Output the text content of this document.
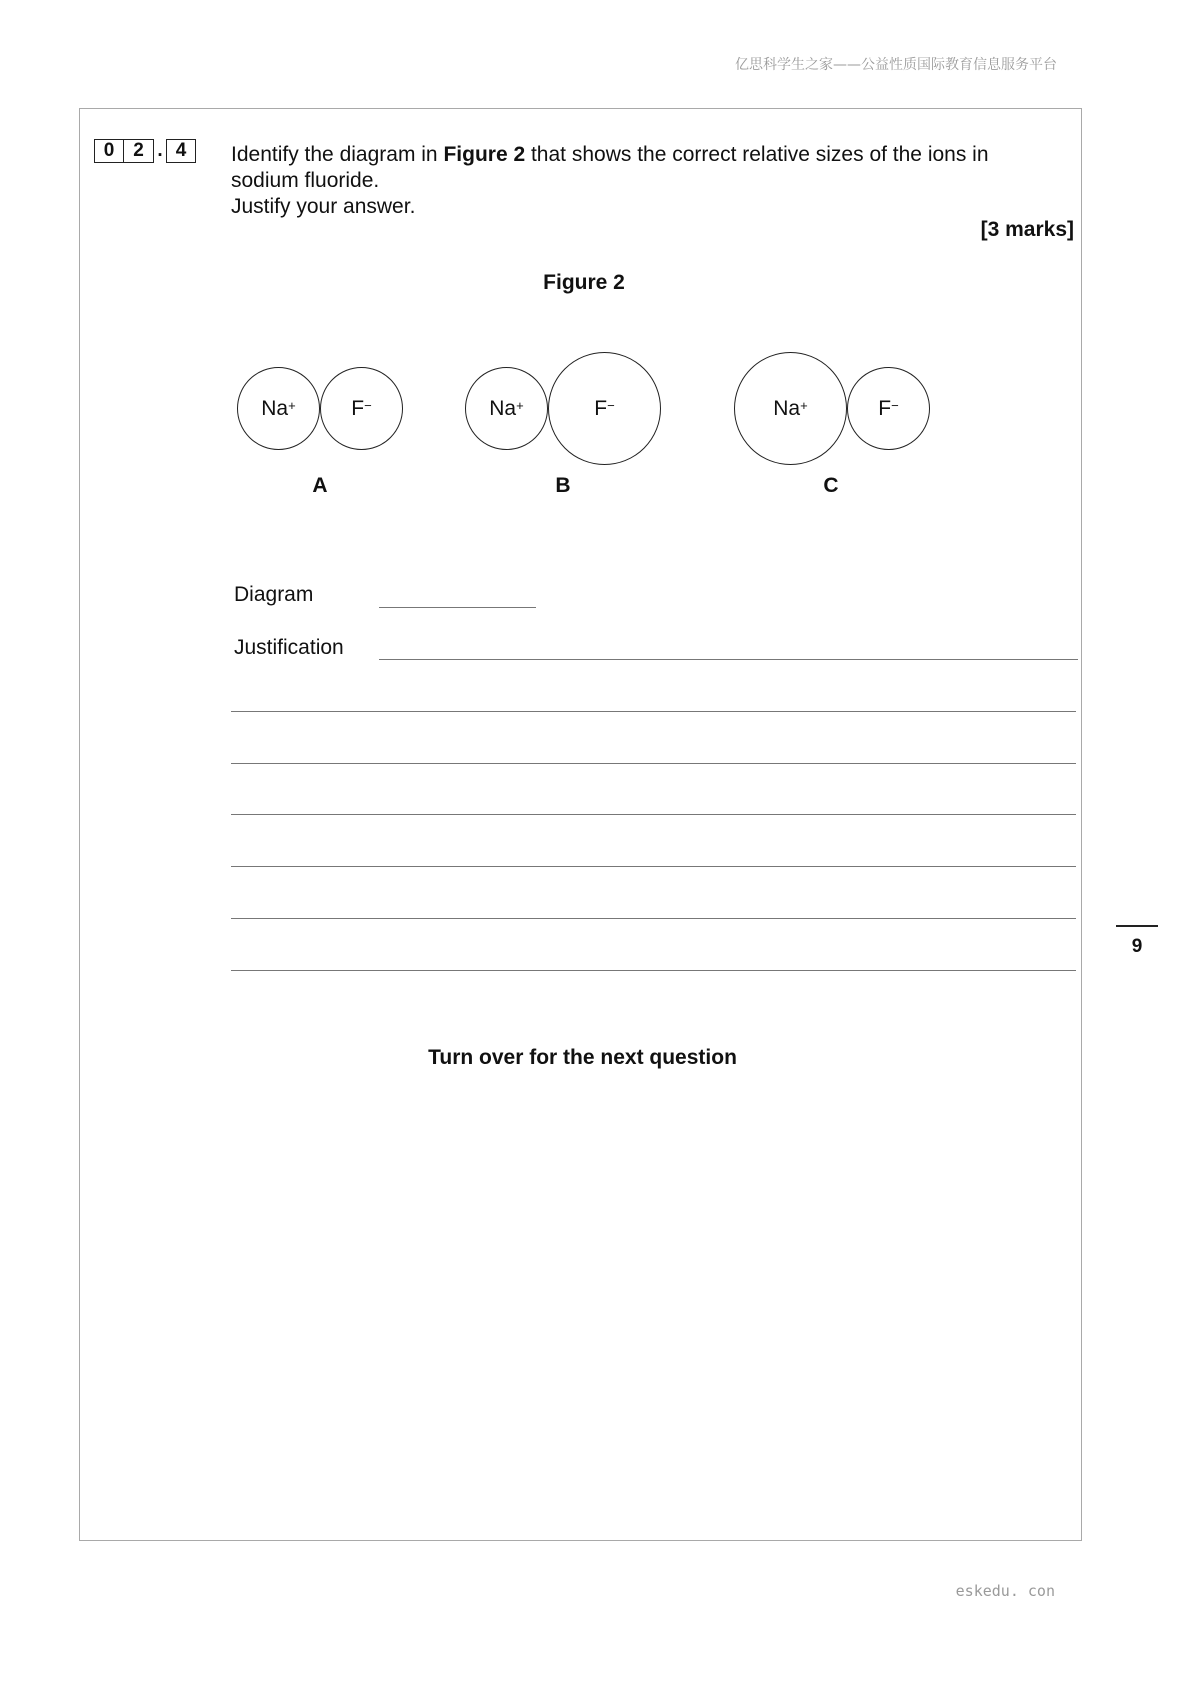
亿思科学生之家——公益性质国际教育信息服务平台
0 2 . 4	Identify the diagram in Figure 2 that shows the correct relative sizes of the ions in
sodium fluoride.
Justify your answer.
[3 marks]
Figure 2
Na+	F−
A
Na+	F−
B
Na+	F−
C
Diagram
Justification
9
Turn over for the next question
eskedu. con
